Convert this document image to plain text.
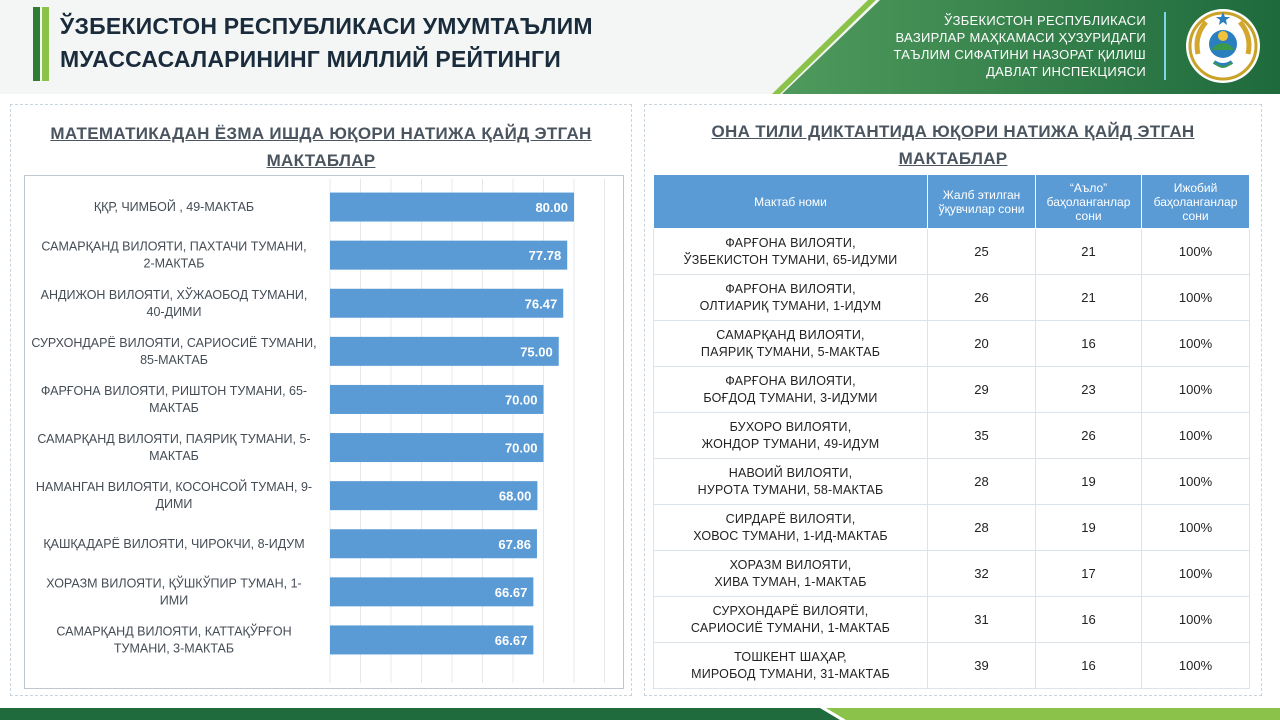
ЎЗБЕКИСТОН РЕСПУБЛИКАСИ УМУМТАЪЛИМ
МУАССАСАЛАРИНИНГ МИЛЛИЙ РЕЙТИНГИ
ЎЗБЕКИСТОН РЕСПУБЛИКАСИ
ВАЗИРЛАР МАҲКАМАСИ ҲУЗУРИДАГИ
ТАЪЛИМ СИФАТИНИ НАЗОРАТ ҚИЛИШ
ДАВЛАТ ИНСПЕКЦИЯСИ
МАТЕМАТИКАДАН ЁЗМА ИШДА ЮҚОРИ НАТИЖА ҚАЙД ЭТГАН
МАКТАБЛАР
80.00
ҚҚР, ЧИМБОЙ , 49-МАКТАБ
77.78
САМАРҚАНД ВИЛОЯТИ, ПАХТАЧИ ТУМАНИ, 2-МАКТАБ
76.47
АНДИЖОН ВИЛОЯТИ, ХЎЖАОБОД ТУМАНИ, 40-ДИМИ
75.00
СУРХОНДАРЁ ВИЛОЯТИ, САРИОСИЁ ТУМАНИ, 85-МАКТАБ
70.00
ФАРҒОНА ВИЛОЯТИ, РИШТОН ТУМАНИ, 65-МАКТАБ
70.00
САМАРҚАНД ВИЛОЯТИ, ПАЯРИҚ ТУМАНИ, 5-МАКТАБ
68.00
НАМАНГАН ВИЛОЯТИ, КОСОНСОЙ ТУМАН, 9-ДИМИ
67.86
ҚАШҚАДАРЁ ВИЛОЯТИ, ЧИРОКЧИ, 8-ИДУМ
66.67
ХОРАЗМ ВИЛОЯТИ, ҚЎШКЎПИР ТУМАН, 1-ИМИ
66.67
САМАРҚАНД ВИЛОЯТИ, КАТТАҚЎРҒОН ТУМАНИ, 3-МАКТАБ
ОНА ТИЛИ ДИКТАНТИДА ЮҚОРИ НАТИЖА ҚАЙД ЭТГАН
МАКТАБЛАР
Мактаб номи	Жалб этилган ўқувчилар сони	“Аъло” баҳоланганлар сони	Ижобий баҳоланганлар сони

ФАРҒОНА ВИЛОЯТИ,
ЎЗБЕКИСТОН ТУМАНИ, 65-ИДУМИ	25	21	100%

ФАРҒОНА ВИЛОЯТИ,
ОЛТИАРИҚ ТУМАНИ, 1-ИДУМ	26	21	100%

САМАРҚАНД ВИЛОЯТИ,
ПАЯРИҚ ТУМАНИ, 5-МАКТАБ	20	16	100%

ФАРҒОНА ВИЛОЯТИ,
БОҒДОД ТУМАНИ, 3-ИДУМИ	29	23	100%

БУХОРО ВИЛОЯТИ,
ЖОНДОР ТУМАНИ, 49-ИДУМ	35	26	100%

НАВОИЙ ВИЛОЯТИ,
НУРОТА ТУМАНИ, 58-МАКТАБ	28	19	100%

СИРДАРЁ ВИЛОЯТИ,
ХОВОС ТУМАНИ, 1-ИД-МАКТАБ	28	19	100%

ХОРАЗМ ВИЛОЯТИ,
ХИВА ТУМАН, 1-МАКТАБ	32	17	100%

СУРХОНДАРЁ ВИЛОЯТИ,
САРИОСИЁ ТУМАНИ, 1-МАКТАБ	31	16	100%

ТОШКЕНТ ШАҲАР,
МИРОБОД ТУМАНИ, 31-МАКТАБ	39	16	100%
